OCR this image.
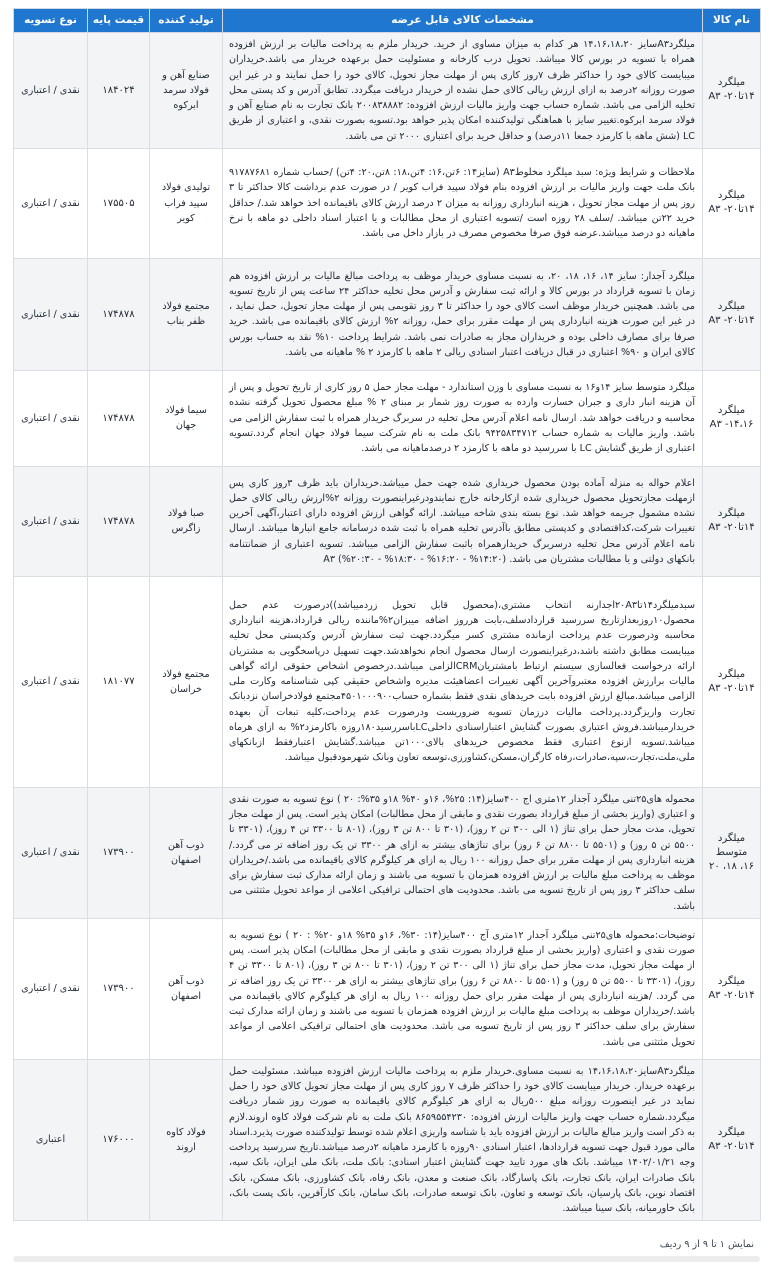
نام کالا	مشخصات کالای قابل عرضه	تولید کننده	قیمت پایه	نوع تسویه
میلگرد ۱۴تا۲۰- A۳	میلگردA۳سایز ۱۴،۱۶،۱۸،۲۰ هر کدام به میزان مساوی از خرید. خریدار ملزم به پرداخت مالیات بر ارزش افزوده همراه با تسویه در بورس کالا میباشد. تحویل درب کارخانه و مسئولیت حمل برعهده خریدار می باشد.خریداران میبایست کالای خود را حداکثر ظرف ۷روز کاری پس از مهلت مجاز تحویل، کالای خود را حمل نمایند و در غیر این صورت روزانه ۲درصد به ازای ارزش ریالی کالای حمل نشده از خریدار دریافت میگردد. تطابق آدرس و کد پستی محل تخلیه الزامی می باشد. شماره حساب جهت واریز مالیات ارزش افزوده: ۲۰۰۸۳۸۸۸۲ بانک تجارت به نام صنایع آهن و فولاد سرمد ابرکوه.تغییر سایز با هماهنگی تولیدکننده امکان پذیر خواهد بود.تسویه بصورت نقدی، و اعتباری از طریق LC (شش ماهه با کارمزد جمعا ۱۱درصد) و حداقل خرید برای اعتباری ۲۰۰۰ تن می باشد.	صنایع آهن و فولاد سرمد ابرکوه	۱۸۴۰۲۴	نقدی / اعتباری
میلگرد ۱۴تا۲۰- A۳	ملاحظات و شرایط ویژه: سبد میلگرد مخلوطA۳ (سایز۱۴: ۶تن،۱۶: ۴تن،۱۸: ۸تن،۲۰: ۴تن) /حساب شماره ۹۱۷۸۷۶۸۱ بانک ملت جهت واریز مالیات بر ارزش افزوده بنام فولاد سپید فراب کویر / در صورت عدم برداشت کالا حداکثر تا ۳ روز پس از مهلت مجاز تحویل ، هزینه انبارداری روزانه به میزان ۲ درصد ارزش کالای باقیمانده اخذ خواهد شد./ حداقل خرید ۲۲تن میباشد. /سلف ۲۸ روزه است /تسویه اعتباری از محل مطالبات و یا اعتبار اسناد داخلی دو ماهه با نرخ ماهیانه دو درصد میباشد.عرضه فوق صرفا مخصوص مصرف در بازار داخل می باشد.	تولیدی فولاد سپید فراب کویر	۱۷۵۵۰۵	نقدی / اعتباری
میلگرد ۱۴تا۲۰- A۳	میلگرد آجدار: سایز ۱۴، ۱۶، ۱۸، ۲۰، به نسبت مساوی خریدار موظف به پرداخت مبالغ مالیات بر ارزش افزوده هم زمان با تسویه قرارداد در بورس کالا و ارائه ثبت سفارش و آدرس محل تخلیه حداکثر ۲۴ ساعت پس از تاریخ تسویه می باشد. همچنین خریدار موظف است کالای خود را حداکثر تا ۳ روز تقویمی پس از مهلت مجاز تحویل، حمل نماید ، در غیر این صورت هزینه انبارداری پس از مهلت مقرر برای حمل، روزانه ۲% ارزش کالای باقیمانده می باشد. خرید صرفا برای مصارف داخلی بوده و خریداران مجاز به صادرات نمی باشد. شرایط پرداخت ۱۰% نقد به حساب بورس کالای ایران و ۹۰% اعتباری در قبال دریافت اعتبار اسنادی ریالی ۲ ماهه با کارمزد ۲ % ماهیانه می باشد.	مجتمع فولاد ظفر بناب	۱۷۴۸۷۸	نقدی / اعتباری
میلگرد ۱۴،۱۶- A۳	میلگرد متوسط سایز ۱۴و۱۶ به نسبت مساوی با وزن استاندارد - مهلت مجاز حمل ۵ روز کاری از تاریخ تحویل و پس از آن هزینه انبار داری و جبران خسارت وارده به صورت روز شمار بر مبنای ۲ % مبلغ محصول تحویل گرفته نشده محاسبه و دریافت خواهد شد. ارسال نامه اعلام آدرس محل تخلیه در سربرگ خریدار همراه با ثبت سفارش الزامی می باشد. واریز مالیات به شماره حساب ۹۴۲۵۸۳۴۷۱۲ بانک ملت به نام شرکت سیما فولاد جهان انجام گردد.تسویه اعتباری از طریق گشایش LC با سررسید دو ماهه با کارمزد ۲ درصدماهیانه می باشد.	سیما فولاد جهان	۱۷۴۸۷۸	نقدی / اعتباری
میلگرد ۱۴تا۲۰- A۳	اعلام حواله به منزله آماده بودن محصول خریداری شده جهت حمل میباشد.خریداران باید ظرف ۳روز کاری پس ازمهلت مجازتحویل محصول خریداری شده ازکارخانه خارج نمایندودرغیراینصورت روزانه ۲%ارزش ریالی کالای حمل نشده مشمول جریمه خواهد شد. نوع بسته بندی شاخه میباشد. ارائه گواهی ارزش افزوده دارای اعتبار،آگهی آخرین تغییرات شرکت،کداقتصادی و کدپستی مطابق باآدرس تخلیه همراه با ثبت شده درسامانه جامع انبارها میباشد. ارسال نامه اعلام آدرس محل تخلیه درسربرگ خریدارهمراه باثبت سفارش الزامی میباشد. تسویه اعتباری از ضمانتنامه بانکهای دولتی و یا مطالبات مشتریان می باشد. (۱۴:۲۰% - ۱۶:۲۰% - ۱۸:۳۰% - ۲۰:۳۰%) A۳	صبا فولاد زاگرس	۱۷۴۸۷۸	نقدی / اعتباری
میلگرد ۱۴تا۲۰- A۳	سبدمیلگرد۱۴تا۲۰A۳اجدارنه انتخاب مشتری،(محصول قابل تحویل زردمیباشد))درصورت عدم حمل محصول۱۰روزبعدازتاریخ سررسید قراردادسلف،بابت هرروز اضافه میبزان۲%ماننده ریالی قرارداد،هزینه انبارداری محاسبه ودرصورت عدم پرداخت ازمانده مشتری کسر میگردد.جهت ثبت سفارش آدرس وکدپستی محل تخلیه میبایست مطابق داشته باشد،درغیراینصورت ارسال محصول انجام نخواهدشد.جهت تسهیل درپاسخگویی به مشتریان ارائه درخواست فعالسازی سیستم ارتباط بامشتریانCRMالزامی میباشد.درخصوص اشخاص حقوقی ارائه گواهی مالیات برارزش افزوده معتبروآخرین آگهی تغییرات اعضاهیئت مدیره واشخاص حقیقی کپی شناسنامه وکارت ملی الزامی میباشد.مبالغ ارزش افزوده بابت خریدهای نقدی فقط بشماره حساب۴۵۰۱۰۰۰۹۰۰مجتمع فولادخراسان نزدبانک تجارت واریزگردد.پرداخت مالیات درزمان تسویه ضروریست ودرصورت عدم پرداخت،کلیه تبعات آن بعهده خریدارمیباشد.فروش اعتباری بصورت گشایش اعتباراسنادی داخلیLCباسررسید۱۸۰روزه باکارمزد۲% به ازای هرماه میباشد.تسویه ازنوع اعتباری فقط مخصوص خریدهای بالای۱۰۰۰تن میباشد.گشایش اعتبارفقط ازبانکهای ملی،ملت،تجارت،سپه،صادرات،رفاه کارگران،مسکن،کشاورزی،توسعه تعاون وبانک شهرمودقبول میباشد.	مجتمع فولاد خراسان	۱۸۱۰۷۷	نقدی / اعتباری
میلگرد متوسط ۱۶، ۱۸، ۲۰	محموله های۲۵تنی میلگرد آجدار ۱۲متری اج ۴۰۰سایز(۱۴: ۲۵%، ۱۶و ۴۰% ۱۸و ۳۵%: ۲۰ ) نوع تسویه به صورت نقدی و اعتباری (واریز بخشی از مبلغ قرارداد بصورت نقدی و مابقی از محل مطالبات) امکان پذیر است. پس از مهلت مجاز تحویل، مدت مجاز حمل برای تناژ (۱ الی ۳۰۰ تن ۲ روز)، (۳۰۱ تا ۸۰۰ تن ۳ روز)، (۸۰۱ تا ۳۳۰۰ تن ۴ روز)، (۳۳۰۱ تا ۵۵۰۰ تن ۵ روز) و (۵۵۰۱ تا ۸۸۰۰ تن ۶ روز) برای تناژهای بیشتر به ازای هر ۳۳۰۰ تن یک روز اضافه تر می گردد./ هزینه انبارداری پس از مهلت مقرر برای حمل روزانه ۱۰۰ ریال به ازای هر کیلوگرم کالای باقیمانده می باشد./خریداران موظف به پرداخت مبلغ مالیات بر ارزش افزوده همزمان با تسویه می باشند و زمان ارائه مدارک ثبت سفارش برای سلف حداکثر ۳ روز پس از تاریخ تسویه می باشد. محدودیت های احتمالی ترافیکی اعلامی از مواعد تحویل مثتثنی می باشد.	ذوب آهن اصفهان	۱۷۳۹۰۰	نقدی / اعتباری
میلگرد ۱۴تا۲۰- A۳	توضیحات:محموله های۲۵تنی میلگرد آجدار ۱۲متری آج ۴۰۰سایز(۱۴: ۳۰%، ۱۶و ۳۵% ۱۸و ۲۰% : ۲۰ ) نوع تسویه به صورت نقدی و اعتباری (واریز بخشی از مبلغ قرارداد بصورت نقدی و مابقی از محل مطالبات) امکان پذیر است. پس از مهلت مجاز تحویل، مدت مجاز حمل برای تناژ (۱ الی ۳۰۰ تن ۲ روز)، (۳۰۱ تا ۸۰۰ تن ۳ روز)، (۸۰۱ تا ۳۳۰۰ تن ۴ روز)، (۳۳۰۱ تا ۵۵۰۰ تن ۵ روز) و (۵۵۰۱ تا ۸۸۰۰ تن ۶ روز) برای تناژهای بیشتر به ازای هر ۳۳۰۰ تن یک روز اضافه تر می گردد. /هزینه انبارداری پس از مهلت مقرر برای حمل روزانه ۱۰۰ ریال به ازای هر کیلوگرم کالای باقیمانده می باشد./خریداران موظف به پرداخت مبلغ مالیات بر ارزش افزوده همزمان با تسویه می باشند و زمان ارائه مدارک ثبت سفارش برای سلف حداکثر ۳ روز پس از تاریخ تسویه می باشد. محدودیت های احتمالی ترافیکی اعلامی از مواعد تحویل مثتثنی می باشد.	ذوب آهن اصفهان	۱۷۳۹۰۰	نقدی / اعتباری
میلگرد ۱۴تا۲۰- A۳	میلگردA۳سایز۱۴،۱۶،۱۸،۲۰ به نسبت مساوی.خریدار ملزم به پرداخت مالیات ارزش افزوده میباشد. مسئولیت حمل برعهده خریدار. خریدار میبایست کالای خود را حداکثر ظرف ۷ روز کاری پس از مهلت مجاز تحویل کالای خود را حمل نماید در غیر اینصورت روزانه مبلغ ۵۰۰ریال به ازای هر کیلوگرم کالای باقیمانده به صورت روز شمار دریافت میگردد.شماره حساب جهت واریز مالیات ارزش افزوده: ۸۶۵۹۵۵۴۲۳۰ بانک ملت به نام شرکت فولاد کاوه اروند.لازم به ذکر است واریز مبالغ مالیات بر ارزش افزوده باید با شناسه واریزی اعلام شده توسط تولیدکننده صورت پذیرد.اسناد مالی مورد قبول جهت تسویه قراردادها، اعتبار اسنادی ۹۰روزه با کارمزد ماهیانه ۲درصد میباشد.تاریخ سررسید پرداخت وجه ۱۴۰۲/۰۱/۲۱ میباشد. بانک های مورد تایید جهت گشایش اعتبار اسنادی: بانک ملت، بانک ملی ایران، بانک سپه، بانک صادرات ایران، بانک تجارت، بانک پاسارگاد، بانک صنعت و معدن، بانک رفاه، بانک کشاورزی، بانک مسکن، بانک اقتصاد نوین، بانک پارسیان، بانک توسعه و تعاون، بانک توسعه صادرات، بانک سامان، بانک کارآفرین، بانک پست بانک، بانک خاورمیانه، بانک سینا میباشد.	فولاد کاوه اروند	۱۷۶۰۰۰	اعتباری
نمایش ۱ تا ۹ از ۹ ردیف
